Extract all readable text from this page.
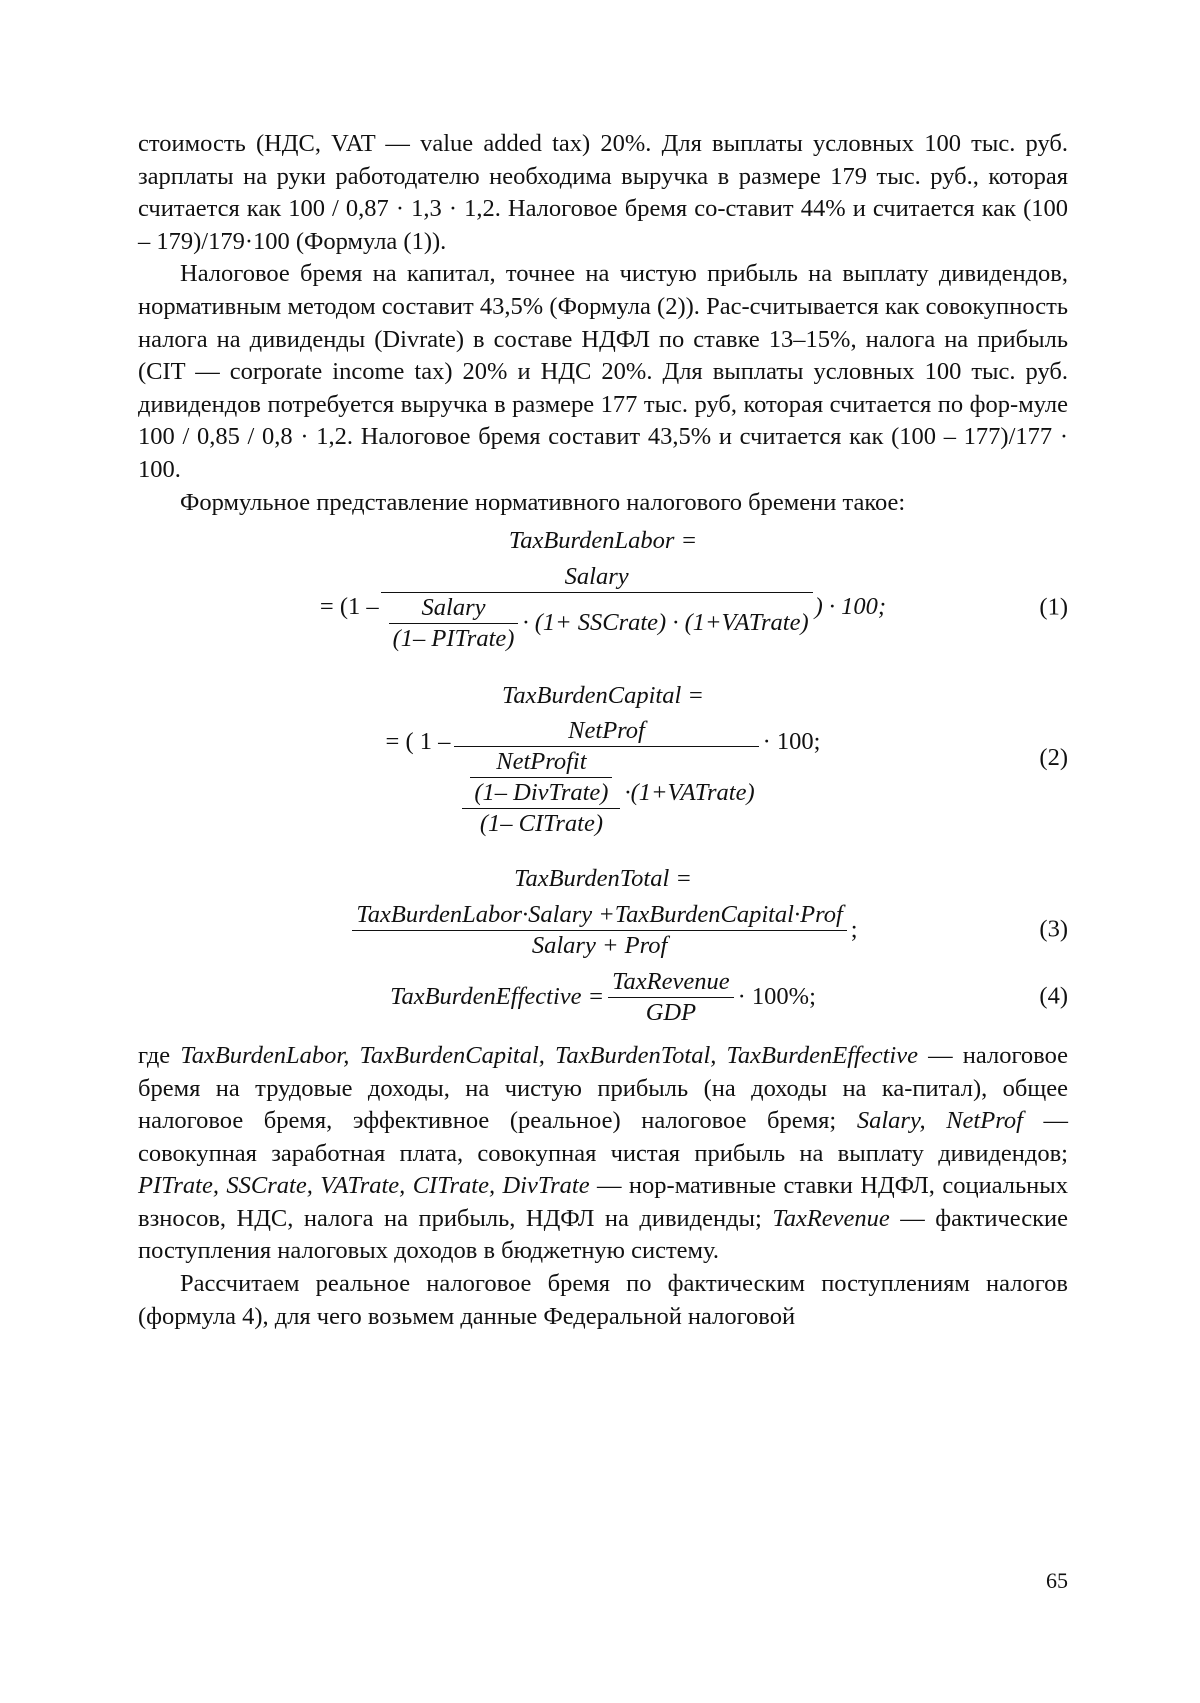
стоимость (НДС, VAT — value added tax) 20%. Для выплаты условных 100 тыс. руб. зарплаты на руки работодателю необходима выручка в размере 179 тыс. руб., которая считается как 100 / 0,87 · 1,3 · 1,2. Налоговое бремя со-ставит 44% и считается как (100 – 179)/179·100 (Формула (1)).

Налоговое бремя на капитал, точнее на чистую прибыль на выплату дивидендов, нормативным методом составит 43,5% (Формула (2)). Рас-считывается как совокупность налога на дивиденды (Divrate) в составе НДФЛ по ставке 13–15%, налога на прибыль (CIT — corporate income tax) 20% и НДС 20%. Для выплаты условных 100 тыс. руб. дивидендов потребуется выручка в размере 177 тыс. руб, которая считается по фор-муле 100 / 0,85 / 0,8 · 1,2. Налоговое бремя составит 43,5% и считается как (100 – 177)/177 · 100.

Формульное представление нормативного налогового бремени такое:

TaxBurdenLabor =
= (1 –
Salary
$\frac{\text{Salary}}{\text{(1– PITrate)}} \cdot (1+$ SSCrate) · (1+VATrate)
) · 100;	(1)
TaxBurdenCapital =
= ( 1 –	NetProf
$\frac{\frac{\text{NetProfit}}{\text{(1– DivTrate)}}}{\text{(1– CITrate)}}$ ·(1+VATrate)
· 100;
(2)
TaxBurdenTotal =
$\frac{\text{TaxBurdenLabor·Salary +TaxBurdenCapital·Prof}}{\text{Salary + Prof}}$ ;	(3)
TaxBurdenEffective = $\frac{\text{TaxRevenue}}{\text{GDP}} \cdot 100\%$;	(4)

где TaxBurdenLabor, TaxBurdenCapital, TaxBurdenTotal, TaxBurdenEffective — налоговое бремя на трудовые доходы, на чистую прибыль (на доходы на ка-питал), общее налоговое бремя, эффективное (реальное) налоговое бремя; Salary, NetProf — совокупная заработная плата, совокупная чистая прибыль на выплату дивидендов; PITrate, SSCrate, VATrate, CITrate, DivTrate — нор-мативные ставки НДФЛ, социальных взносов, НДС, налога на прибыль, НДФЛ на дивиденды; TaxRevenue — фактические поступления налоговых доходов в бюджетную систему.

Рассчитаем реальное налоговое бремя по фактическим поступлениям налогов (формула 4), для чего возьмем данные Федеральной налоговой

65
